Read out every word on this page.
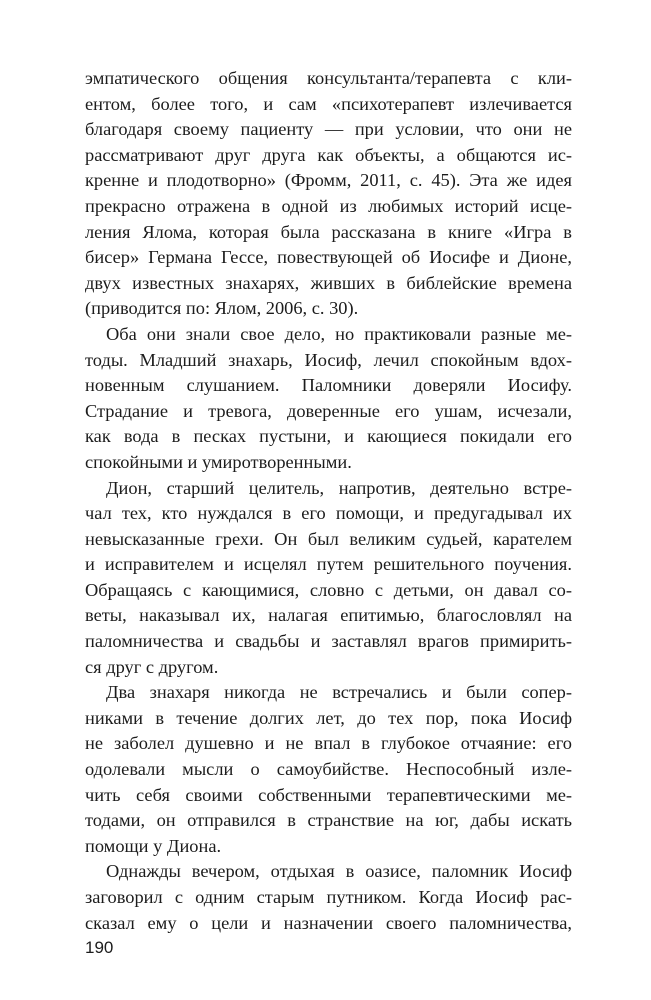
эмпатического общения консультанта/терапевта с кли-
ентом, более того, и сам «психотерапевт излечивается
благодаря своему пациенту — при условии, что они не
рассматривают друг друга как объекты, а общаются ис-
кренне и плодотворно» (Фромм, 2011, с. 45). Эта же идея
прекрасно отражена в одной из любимых историй исце-
ления Ялома, которая была рассказана в книге «Игра в
бисер» Германа Гессе, повествующей об Иосифе и Дионе,
двух известных знахарях, живших в библейские времена
(приводится по: Ялом, 2006, с. 30).
Оба они знали свое дело, но практиковали разные ме-
тоды. Младший знахарь, Иосиф, лечил спокойным вдох-
новенным слушанием. Паломники доверяли Иосифу.
Страдание и тревога, доверенные его ушам, исчезали,
как вода в песках пустыни, и кающиеся покидали его
спокойными и умиротворенными.
Дион, старший целитель, напротив, деятельно встре-
чал тех, кто нуждался в его помощи, и предугадывал их
невысказанные грехи. Он был великим судьей, карателем
и исправителем и исцелял путем решительного поучения.
Обращаясь с кающимися, словно с детьми, он давал со-
веты, наказывал их, налагая епитимью, благословлял на
паломничества и свадьбы и заставлял врагов примирить-
ся друг с другом.
Два знахаря никогда не встречались и были сопер-
никами в течение долгих лет, до тех пор, пока Иосиф
не заболел душевно и не впал в глубокое отчаяние: его
одолевали мысли о самоубийстве. Неспособный изле-
чить себя своими собственными терапевтическими ме-
тодами, он отправился в странствие на юг, дабы искать
помощи у Диона.
Однажды вечером, отдыхая в оазисе, паломник Иосиф
заговорил с одним старым путником. Когда Иосиф рас-
сказал ему о цели и назначении своего паломничества,
190
